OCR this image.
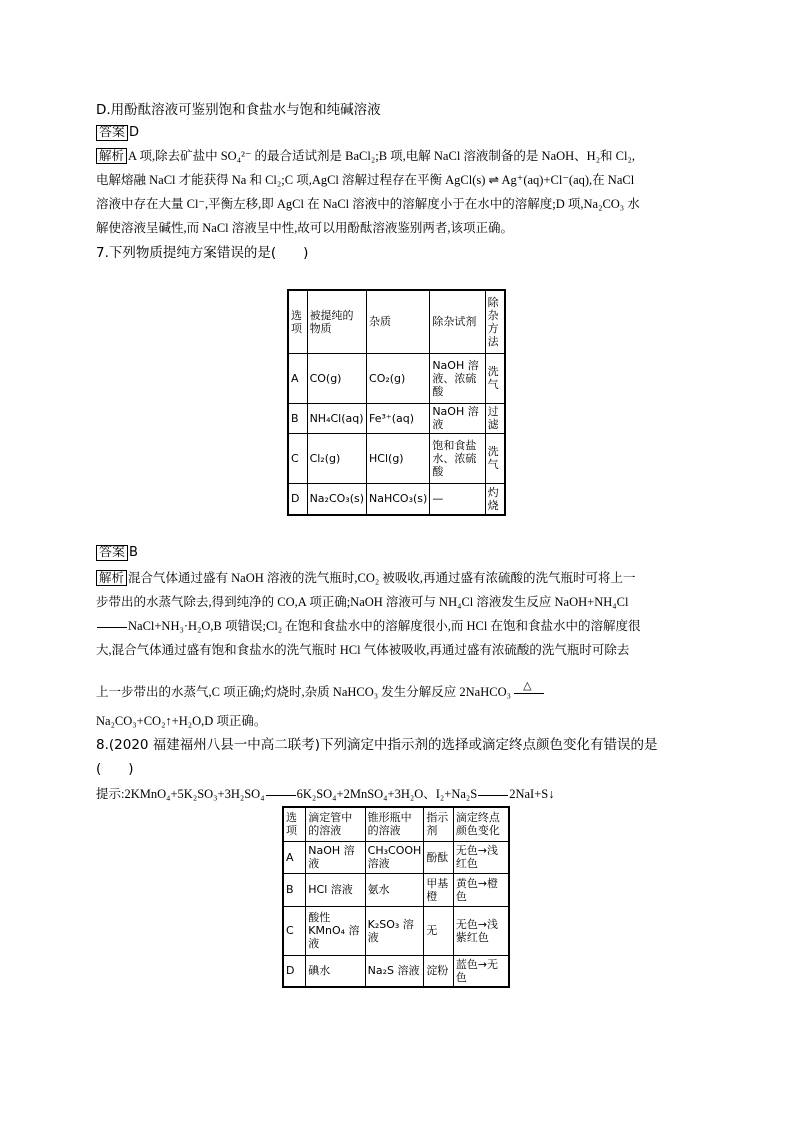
D.用酚酞溶液可鉴别饱和食盐水与饱和纯碱溶液
答案 D
解析 A 项,除去矿盐中 SO₄²⁻ 的最合适试剂是 BaCl₂;B 项,电解 NaCl 溶液制备的是 NaOH、H₂和 Cl₂,
电解熔融 NaCl 才能获得 Na 和 Cl₂;C 项,AgCl 溶解过程存在平衡 AgCl(s) ⇌ Ag⁺(aq)+Cl⁻(aq),在 NaCl
溶液中存在大量 Cl⁻,平衡左移,即 AgCl 在 NaCl 溶液中的溶解度小于在水中的溶解度;D 项,Na₂CO₃ 水
解使溶液呈碱性,而 NaCl 溶液呈中性,故可以用酚酞溶液鉴别两者,该项正确。
7.下列物质提纯方案错误的是(　　)
选项	被提纯的物质	杂质	除杂试剂	除杂方法
A	CO(g)	CO₂(g)	NaOH 溶液、浓硫酸	洗气
B	NH₄Cl(aq)	Fe³⁺(aq)	NaOH 溶液	过滤
C	Cl₂(g)	HCl(g)	饱和食盐水、浓硫酸	洗气
D	Na₂CO₃(s)	NaHCO₃(s)	—	灼烧
答案 B
解析 混合气体通过盛有 NaOH 溶液的洗气瓶时,CO₂ 被吸收,再通过盛有浓硫酸的洗气瓶时可将上一
步带出的水蒸气除去,得到纯净的 CO,A 项正确;NaOH 溶液可与 NH₄Cl 溶液发生反应 NaOH+NH₄Cl
NaCl+NH₃·H₂O,B 项错误;Cl₂ 在饱和食盐水中的溶解度很小,而 HCl 在饱和食盐水中的溶解度很
大,混合气体通过盛有饱和食盐水的洗气瓶时 HCl 气体被吸收,再通过盛有浓硫酸的洗气瓶时可除去
上一步带出的水蒸气,C 项正确;灼烧时,杂质 NaHCO₃ 发生分解反应 2NaHCO₃ △
Na₂CO₃+CO₂↑+H₂O,D 项正确。
8.(2020 福建福州八县一中高二联考)下列滴定中指示剂的选择或滴定终点颜色变化有错误的是
(　　)
提示:2KMnO₄+5K₂SO₃+3H₂SO₄	6K₂SO₄+2MnSO₄+3H₂O、I₂+Na₂S	2NaI+S↓
选项	滴定管中的溶液	锥形瓶中的溶液	指示剂	滴定终点颜色变化
A	NaOH 溶液	CH₃COOH 溶液	酚酞	无色→浅红色
B	HCl 溶液	氨水	甲基橙	黄色→橙色
C	酸性 KMnO₄ 溶液	K₂SO₃ 溶液	无	无色→浅紫红色
D	碘水	Na₂S 溶液	淀粉	蓝色→无色
